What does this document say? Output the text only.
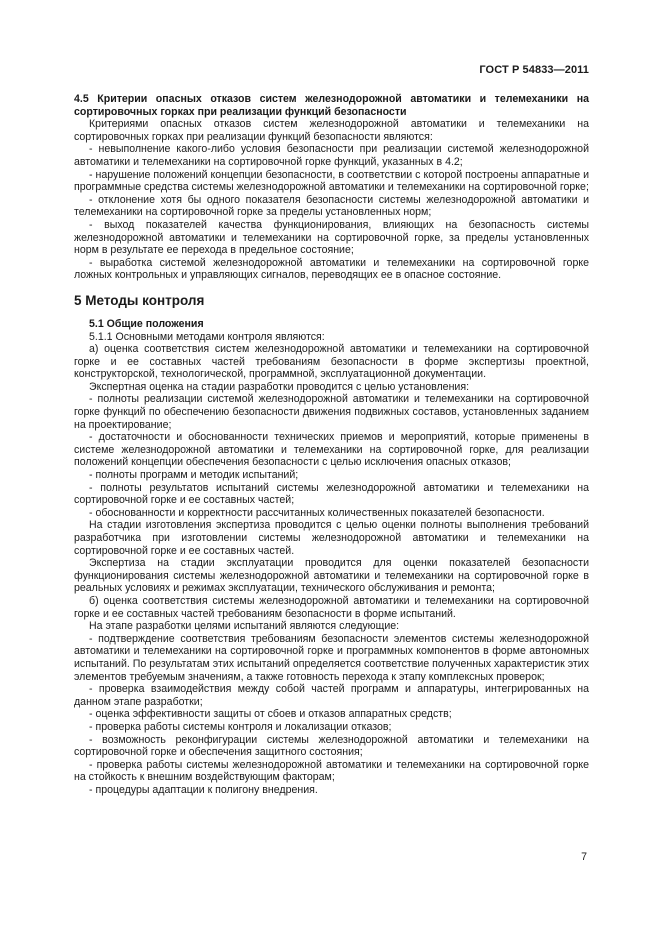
ГОСТ Р 54833—2011

4.5 Критерии опасных отказов систем железнодорожной автоматики и телемеханики на сортировочных горках при реализации функций безопасности

Критериями опасных отказов систем железнодорожной автоматики и телемеханики на сортировочных горках при реализации функций безопасности являются:

- невыполнение какого-либо условия безопасности при реализации системой железнодорожной автоматики и телемеханики на сортировочной горке функций, указанных в 4.2;

- нарушение положений концепции безопасности, в соответствии с которой построены аппаратные и программные средства системы железнодорожной автоматики и телемеханики на сортировочной горке;

- отклонение хотя бы одного показателя безопасности системы железнодорожной автоматики и телемеханики на сортировочной горке за пределы установленных норм;

- выход показателей качества функционирования, влияющих на безопасность системы железнодорожной автоматики и телемеханики на сортировочной горке, за пределы установленных норм в результате ее перехода в предельное состояние;

- выработка системой железнодорожной автоматики и телемеханики на сортировочной горке ложных контрольных и управляющих сигналов, переводящих ее в опасное состояние.

5 Методы контроля

5.1 Общие положения

5.1.1 Основными методами контроля являются:

а) оценка соответствия систем железнодорожной автоматики и телемеханики на сортировочной горке и ее составных частей требованиям безопасности в форме экспертизы проектной, конструкторской, технологической, программной, эксплуатационной документации.

Экспертная оценка на стадии разработки проводится с целью установления:

- полноты реализации системой железнодорожной автоматики и телемеханики на сортировочной горке функций по обеспечению безопасности движения подвижных составов, установленных заданием на проектирование;

- достаточности и обоснованности технических приемов и мероприятий, которые применены в системе железнодорожной автоматики и телемеханики на сортировочной горке, для реализации положений концепции обеспечения безопасности с целью исключения опасных отказов;

- полноты программ и методик испытаний;

- полноты результатов испытаний системы железнодорожной автоматики и телемеханики на сортировочной горке и ее составных частей;

- обоснованности и корректности рассчитанных количественных показателей безопасности.

На стадии изготовления экспертиза проводится с целью оценки полноты выполнения требований разработчика при изготовлении системы железнодорожной автоматики и телемеханики на сортировочной горке и ее составных частей.

Экспертиза на стадии эксплуатации проводится для оценки показателей безопасности функционирования системы железнодорожной автоматики и телемеханики на сортировочной горке в реальных условиях и режимах эксплуатации, технического обслуживания и ремонта;

б) оценка соответствия системы железнодорожной автоматики и телемеханики на сортировочной горке и ее составных частей требованиям безопасности в форме испытаний.

На этапе разработки целями испытаний являются следующие:

- подтверждение соответствия требованиям безопасности элементов системы железнодорожной автоматики и телемеханики на сортировочной горке и программных компонентов в форме автономных испытаний. По результатам этих испытаний определяется соответствие полученных характеристик этих элементов требуемым значениям, а также готовность перехода к этапу комплексных проверок;

- проверка взаимодействия между собой частей программ и аппаратуры, интегрированных на данном этапе разработки;

- оценка эффективности защиты от сбоев и отказов аппаратных средств;

- проверка работы системы контроля и локализации отказов;

- возможность реконфигурации системы железнодорожной автоматики и телемеханики на сортировочной горке и обеспечения защитного состояния;

- проверка работы системы железнодорожной автоматики и телемеханики на сортировочной горке на стойкость к внешним воздействующим факторам;

- процедуры адаптации к полигону внедрения.

7
